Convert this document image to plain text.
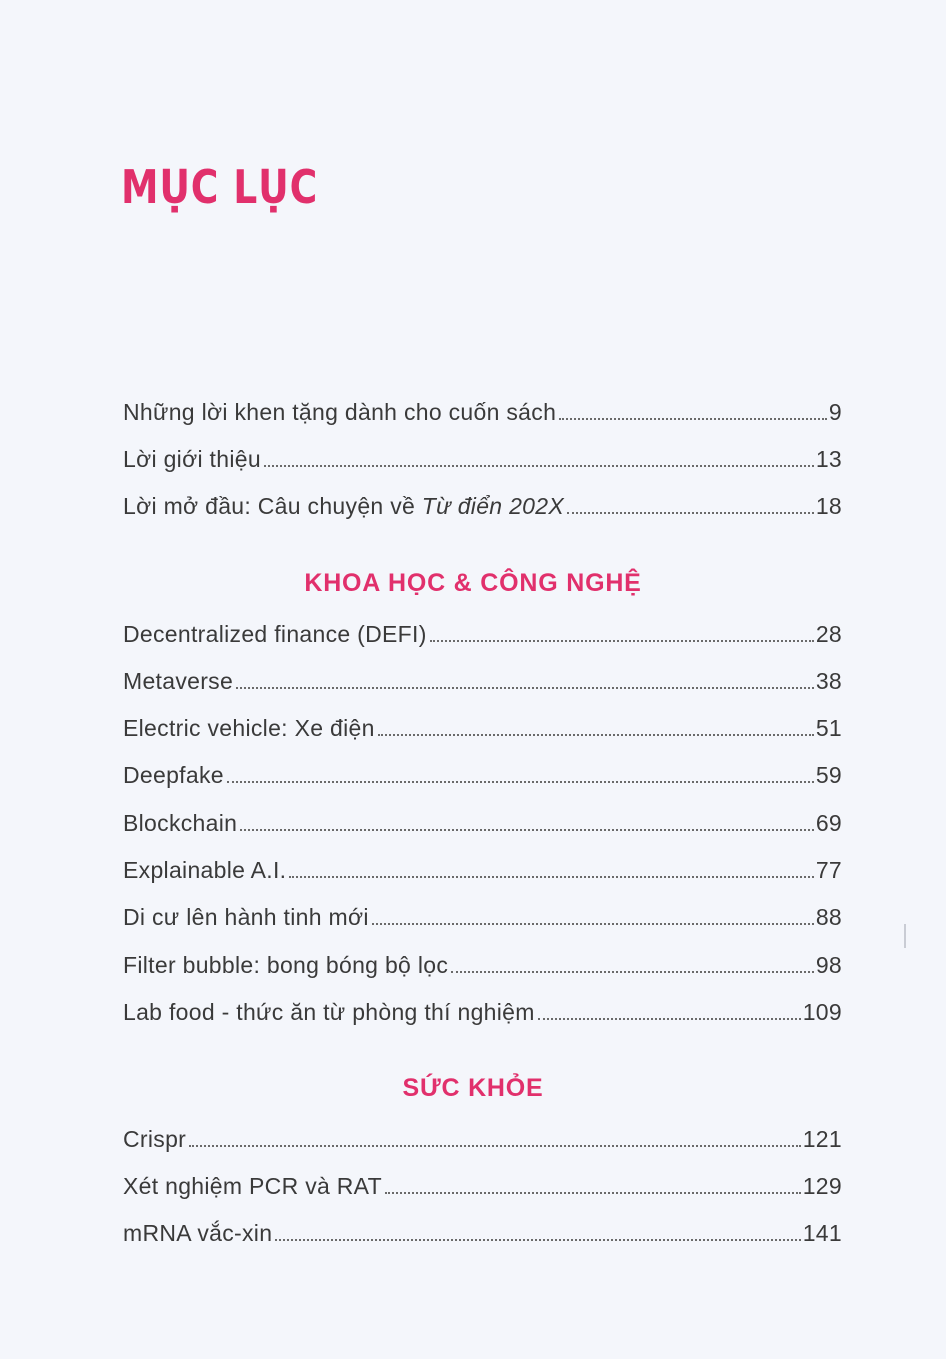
MỤC LỤC
Những lời khen tặng dành cho cuốn sách	9
Lời giới thiệu	13
Lời mở đầu: Câu chuyện về Từ điển 202X	18
KHOA HỌC & CÔNG NGHỆ
Decentralized finance (DEFI)	28
Metaverse	38
Electric vehicle: Xe điện	51
Deepfake	59
Blockchain	69
Explainable A.I.	77
Di cư lên hành tinh mới	88
Filter bubble: bong bóng bộ lọc	98
Lab food - thức ăn từ phòng thí nghiệm	109
SỨC KHỎE
Crispr	121
Xét nghiệm PCR và RAT	129
mRNA vắc-xin	141
